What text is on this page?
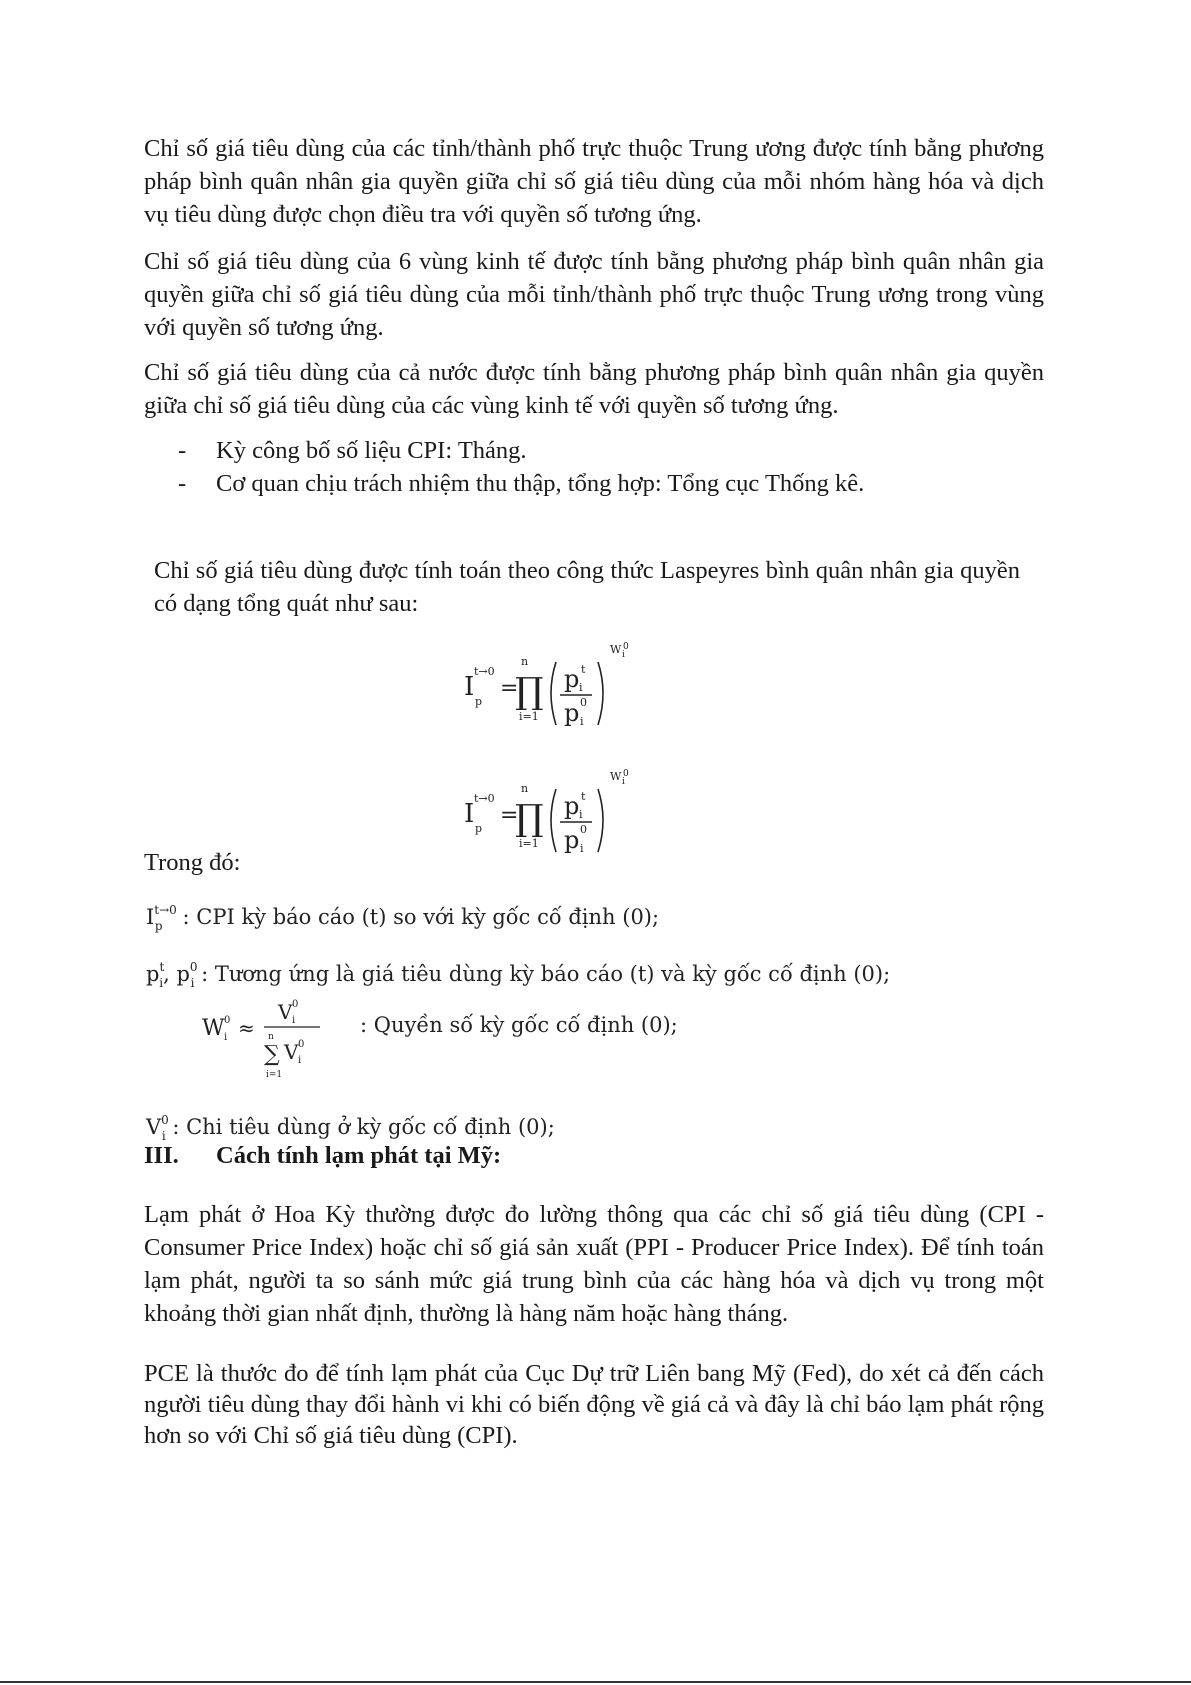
Chỉ số giá tiêu dùng của các tỉnh/thành phố trực thuộc Trung ương được tính bằng phương pháp bình quân nhân gia quyền giữa chỉ số giá tiêu dùng của mỗi nhóm hàng hóa và dịch vụ tiêu dùng được chọn điều tra với quyền số tương ứng.
Chỉ số giá tiêu dùng của 6 vùng kinh tế được tính bằng phương pháp bình quân nhân gia quyền giữa chỉ số giá tiêu dùng của mỗi tỉnh/thành phố trực thuộc Trung ương trong vùng với quyền số tương ứng.
Chỉ số giá tiêu dùng của cả nước được tính bằng phương pháp bình quân nhân gia quyền giữa chỉ số giá tiêu dùng của các vùng kinh tế với quyền số tương ứng.
- Kỳ công bố số liệu CPI: Tháng.
- Cơ quan chịu trách nhiệm thu thập, tổng hợp: Tổng cục Thống kê.
Chỉ số giá tiêu dùng được tính toán theo công thức Laspeyres bình quân nhân gia quyền có dạng tổng quát như sau:
I
t→0
p
=
n
∏
i=1
p t
i
p 0
i
W 0
i
I
t→0
p
=
n
∏
i=1
p t
i
p 0
i
W 0
i
Trong đó:
$I^{t\to 0}_p$ : CPI kỳ báo cáo (t) so với kỳ gốc cố định (0);
$p^t_i$, $p^0_i$ : Tương ứng là giá tiêu dùng kỳ báo cáo (t) và kỳ gốc cố định (0);
W 0
i ≈
V 0
i
n
∑
i=1
V 0
i
: Quyền số kỳ gốc cố định (0);
$V^0_i$ : Chi tiêu dùng ở kỳ gốc cố định (0);
III. Cách tính lạm phát tại Mỹ:
Lạm phát ở Hoa Kỳ thường được đo lường thông qua các chỉ số giá tiêu dùng (CPI - Consumer Price Index) hoặc chỉ số giá sản xuất (PPI - Producer Price Index). Để tính toán lạm phát, người ta so sánh mức giá trung bình của các hàng hóa và dịch vụ trong một khoảng thời gian nhất định, thường là hàng năm hoặc hàng tháng.
PCE là thước đo để tính lạm phát của Cục Dự trữ Liên bang Mỹ (Fed), do xét cả đến cách người tiêu dùng thay đổi hành vi khi có biến động về giá cả và đây là chỉ báo lạm phát rộng hơn so với Chỉ số giá tiêu dùng (CPI).
